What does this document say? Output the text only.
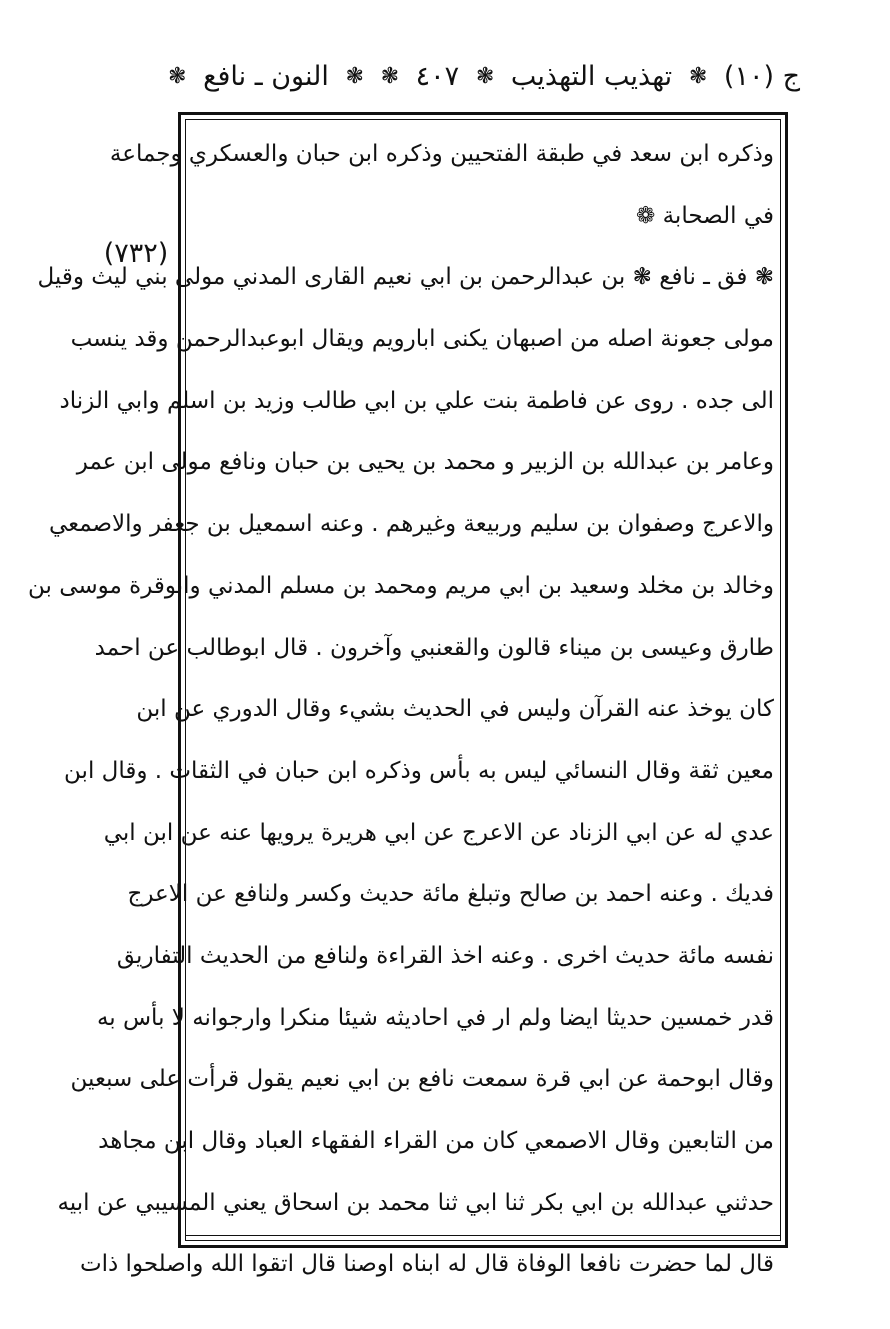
ج (١٠)
❃
تهذيب التهذيب
❃
٤٠٧
❃
❃
النون ـ نافع
❃
(٧٣٢)
وذكره ابن سعد في طبقة الفتحيين وذكره ابن حبان والعسكري وجماعة
في الصحابة ❁
❃ فق ـ نافع ❃ بن عبدالرحمن بن ابي نعيم القارى المدني مولى بني ليث وقيل
مولى جعونة اصله من اصبهان يكنى ابارويم ويقال ابوعبدالرحمن وقد ينسب
الى جده . روى عن فاطمة بنت علي بن ابي طالب وزيد بن اسلم وابي الزناد
وعامر بن عبدالله بن الزبير و محمد بن يحيى بن حبان ونافع مولى ابن عمر
والاعرج وصفوان بن سليم وربيعة وغيرهم . وعنه اسمعيل بن جعفر والاصمعي
وخالد بن مخلد وسعيد بن ابي مريم ومحمد بن مسلم المدني وابوقرة موسى بن
طارق وعيسى بن ميناء قالون والقعنبي وآخرون . قال ابوطالب عن احمد
كان يوخذ عنه القرآن وليس في الحديث بشيء وقال الدوري عن ابن
معين ثقة وقال النسائي ليس به بأس وذكره ابن حبان في الثقات . وقال ابن
عدي له عن ابي الزناد عن الاعرج عن ابي هريرة يرويها عنه عن ابن ابي
فديك . وعنه احمد بن صالح وتبلغ مائة حديث وكسر ولنافع عن الاعرج
نفسه مائة حديث اخرى . وعنه اخذ القراءة ولنافع من الحديث التفاريق
قدر خمسين حديثا ايضا ولم ار في احاديثه شيئا منكرا وارجوانه لا بأس به
وقال ابوحمة عن ابي قرة سمعت نافع بن ابي نعيم يقول قرأت على سبعين
من التابعين وقال الاصمعي كان من القراء الفقهاء العباد وقال ابن مجاهد
حدثني عبدالله بن ابي بكر ثنا ابي ثنا محمد بن اسحاق يعني المسيبي عن ابيه
قال لما حضرت نافعا الوفاة قال له ابناه اوصنا قال اتقوا الله واصلحوا ذات
